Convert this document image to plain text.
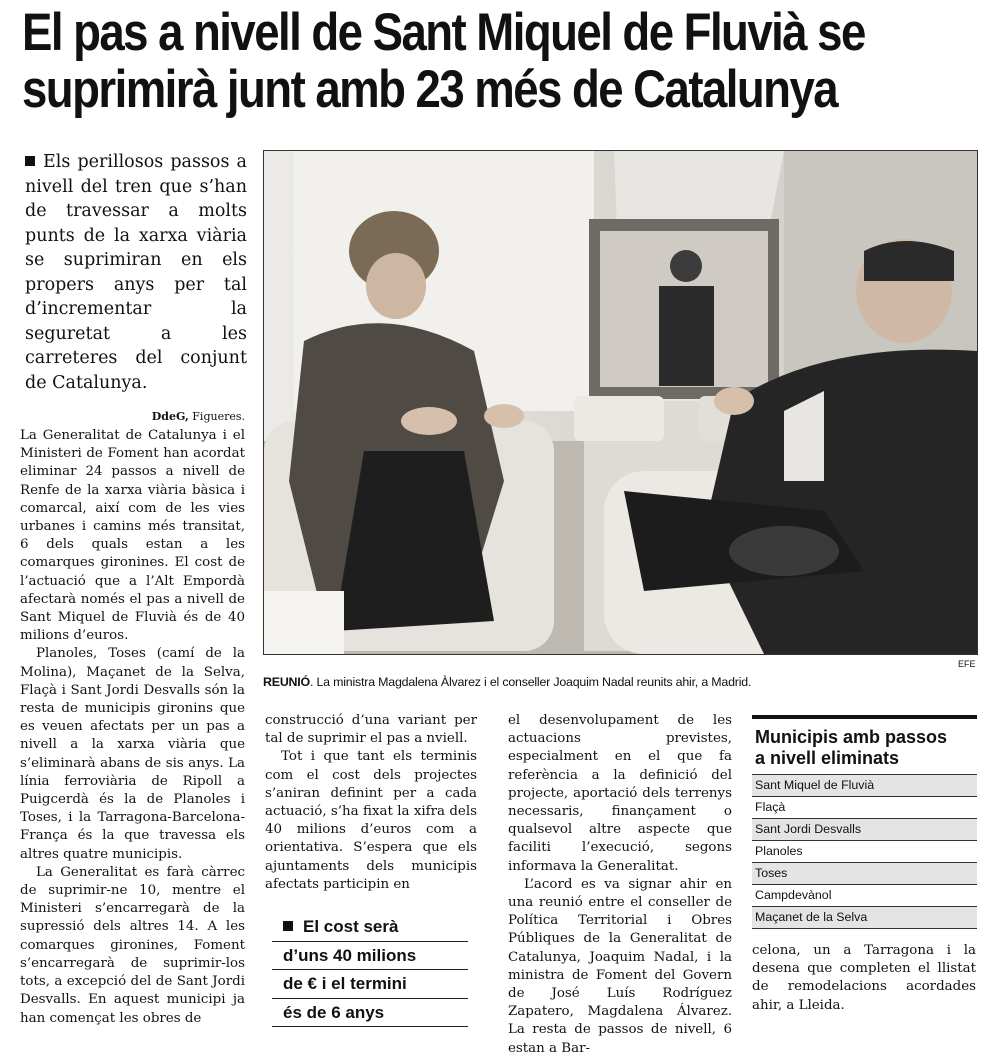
El pas a nivell de Sant Miquel de Fluvià se
suprimirà junt amb 23 més de Catalunya
Els perillosos passos a nivell del tren que s’han de travessar a molts punts de la xarxa viària se suprimiran en els propers anys per tal d’incrementar la seguretat a les carreteres del conjunt de Catalunya.
DdeG, Figueres.

La Generalitat de Catalunya i el Ministeri de Foment han acordat eliminar 24 passos a nivell de Renfe de la xarxa viària bàsica i comarcal, així com de les vies urbanes i camins més transitat, 6 dels quals estan a les comarques gironines. El cost de l’actuació que a l’Alt Empordà afectarà només el pas a nivell de Sant Miquel de Fluvià és de 40 milions d’euros.

Planoles, Toses (camí de la Molina), Maçanet de la Selva, Flaçà i Sant Jordi Desvalls són la resta de municipis gironins que es veuen afectats per un pas a nivell a la xarxa viària que s’eliminarà abans de sis anys. La línia ferroviària de Ripoll a Puigcerdà és la de Planoles i Toses, i la Tarragona-Barcelona-França és la que travessa els altres quatre municipis.

La Generalitat es farà càrrec de suprimir-ne 10, mentre el Ministeri s’encarregarà de la supressió dels altres 14. A les comarques gironines, Foment s’encarregarà de suprimir-los tots, a excepció del de Sant Jordi Desvalls. En aquest municipi ja han començat les obres de

EFE
REUNIÓ. La ministra Magdalena Àlvarez i el conseller Joaquim Nadal reunits ahir, a Madrid.

construcció d’una variant per tal de suprimir el pas a nviell.

Tot i que tant els terminis com el cost dels projectes s’aniran definint per a cada actuació, s’ha fixat la xifra dels 40 milions d’euros com a orientativa. S’espera que els ajuntaments dels municipis afectats participin en

El cost serà
d’uns 40 milions
de € i el termini
és de 6 anys

el desenvolupament de les actuacions previstes, especialment en el que fa referència a la definició del projecte, aportació dels terrenys necessaris, finançament o qualsevol altre aspecte que faciliti l’execució, segons informava la Generalitat.

L’acord es va signar ahir en una reunió entre el conseller de Política Territorial i Obres Públiques de la Generalitat de Catalunya, Joaquim Nadal, i la ministra de Foment del Govern de José Luís Rodríguez Zapatero, Magdalena Álvarez. La resta de passos de nivell, 6 estan a Bar-

Municipis amb passos
a nivell eliminats
Sant Miquel de Fluvià
Flaçà
Sant Jordi Desvalls
Planoles
Toses
Campdevànol
Maçanet de la Selva

celona, un a Tarragona i la desena que completen el llistat de remodelacions acordades ahir, a Lleida.
